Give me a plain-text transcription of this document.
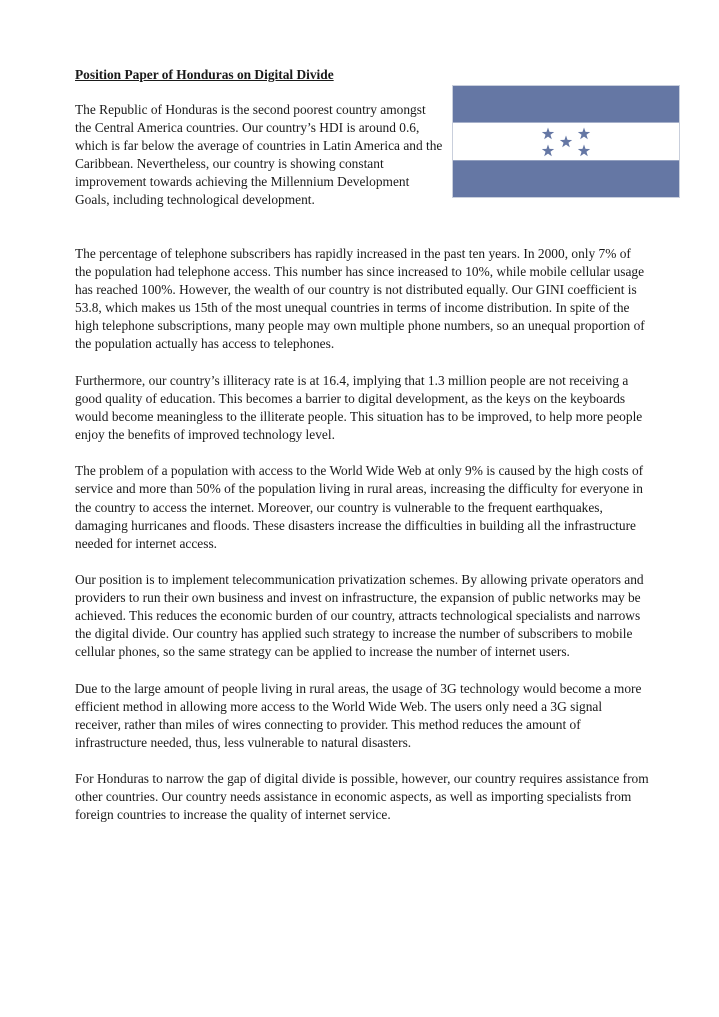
Position Paper of Honduras on Digital Divide

The Republic of Honduras is the second poorest country amongst the Central America countries. Our country’s HDI is around 0.6, which is far below the average of countries in Latin America and the Caribbean. Nevertheless, our country is showing constant improvement towards achieving the Millennium Development Goals, including technological development.

The percentage of telephone subscribers has rapidly increased in the past ten years. In 2000, only 7% of the population had telephone access. This number has since increased to 10%, while mobile cellular usage has reached 100%. However, the wealth of our country is not distributed equally. Our GINI coefficient is 53.8, which makes us 15th of the most unequal countries in terms of income distribution. In spite of the high telephone subscriptions, many people may own multiple phone numbers, so an unequal proportion of the population actually has access to telephones.

Furthermore, our country’s illiteracy rate is at 16.4, implying that 1.3 million people are not receiving a good quality of education. This becomes a barrier to digital development, as the keys on the keyboards would become meaningless to the illiterate people. This situation has to be improved, to help more people enjoy the benefits of improved technology level.

The problem of a population with access to the World Wide Web at only 9% is caused by the high costs of service and more than 50% of the population living in rural areas, increasing the difficulty for everyone in the country to access the internet. Moreover, our country is vulnerable to the frequent earthquakes, damaging hurricanes and floods. These disasters increase the difficulties in building all the infrastructure needed for internet access.

Our position is to implement telecommunication privatization schemes. By allowing private operators and providers to run their own business and invest on infrastructure, the expansion of public networks may be achieved. This reduces the economic burden of our country, attracts technological specialists and narrows the digital divide. Our country has applied such strategy to increase the number of subscribers to mobile cellular phones, so the same strategy can be applied to increase the number of internet users.

Due to the large amount of people living in rural areas, the usage of 3G technology would become a more efficient method in allowing more access to the World Wide Web. The users only need a 3G signal receiver, rather than miles of wires connecting to provider. This method reduces the amount of infrastructure needed, thus, less vulnerable to natural disasters.

For Honduras to narrow the gap of digital divide is possible, however, our country requires assistance from other countries. Our country needs assistance in economic aspects, as well as importing specialists from foreign countries to increase the quality of internet service.
